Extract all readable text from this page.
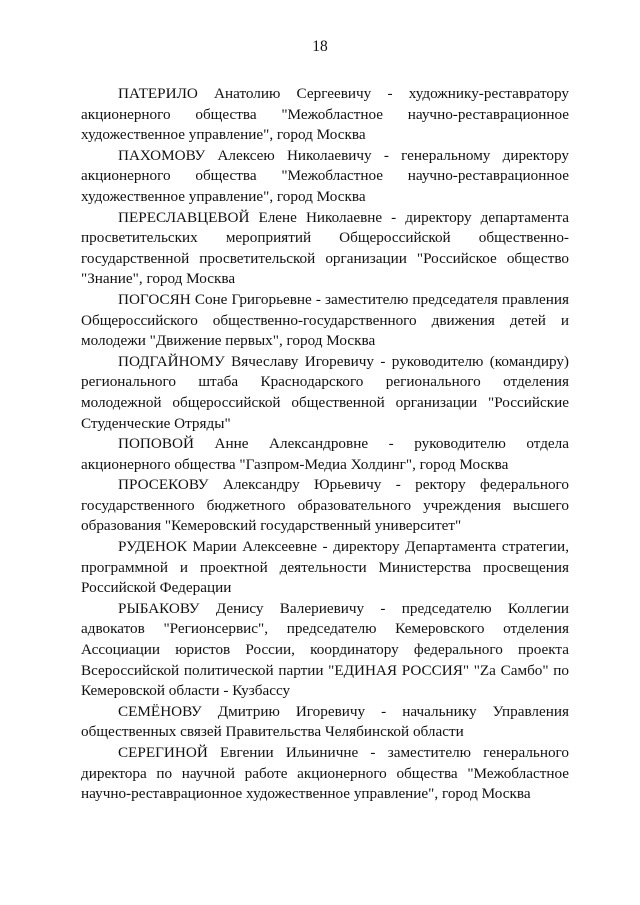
18

ПАТЕРИЛО Анатолию Сергеевичу - художнику-реставратору акционерного общества "Межобластное научно-реставрационное художественное управление", город Москва

ПАХОМОВУ Алексею Николаевичу - генеральному директору акционерного общества "Межобластное научно-реставрационное художественное управление", город Москва

ПЕРЕСЛАВЦЕВОЙ Елене Николаевне - директору департамента просветительских мероприятий Общероссийской общественно-государственной просветительской организации "Российское общество "Знание", город Москва

ПОГОСЯН Соне Григорьевне - заместителю председателя правления Общероссийского общественно-государственного движения детей и молодежи "Движение первых", город Москва

ПОДГАЙНОМУ Вячеславу Игоревичу - руководителю (командиру) регионального штаба Краснодарского регионального отделения молодежной общероссийской общественной организации "Российские Студенческие Отряды"

ПОПОВОЙ Анне Александровне - руководителю отдела акционерного общества "Газпром-Медиа Холдинг", город Москва

ПРОСЕКОВУ Александру Юрьевичу - ректору федерального государственного бюджетного образовательного учреждения высшего образования "Кемеровский государственный университет"

РУДЕНОК Марии Алексеевне - директору Департамента стратегии, программной и проектной деятельности Министерства просвещения Российской Федерации

РЫБАКОВУ Денису Валериевичу - председателю Коллегии адвокатов "Регионсервис", председателю Кемеровского отделения Ассоциации юристов России, координатору федерального проекта Всероссийской политической партии "ЕДИНАЯ РОССИЯ" "Zа Самбо" по Кемеровской области - Кузбассу

СЕМЁНОВУ Дмитрию Игоревичу - начальнику Управления общественных связей Правительства Челябинской области

СЕРЕГИНОЙ Евгении Ильиничне - заместителю генерального директора по научной работе акционерного общества "Межобластное научно-реставрационное художественное управление", город Москва
